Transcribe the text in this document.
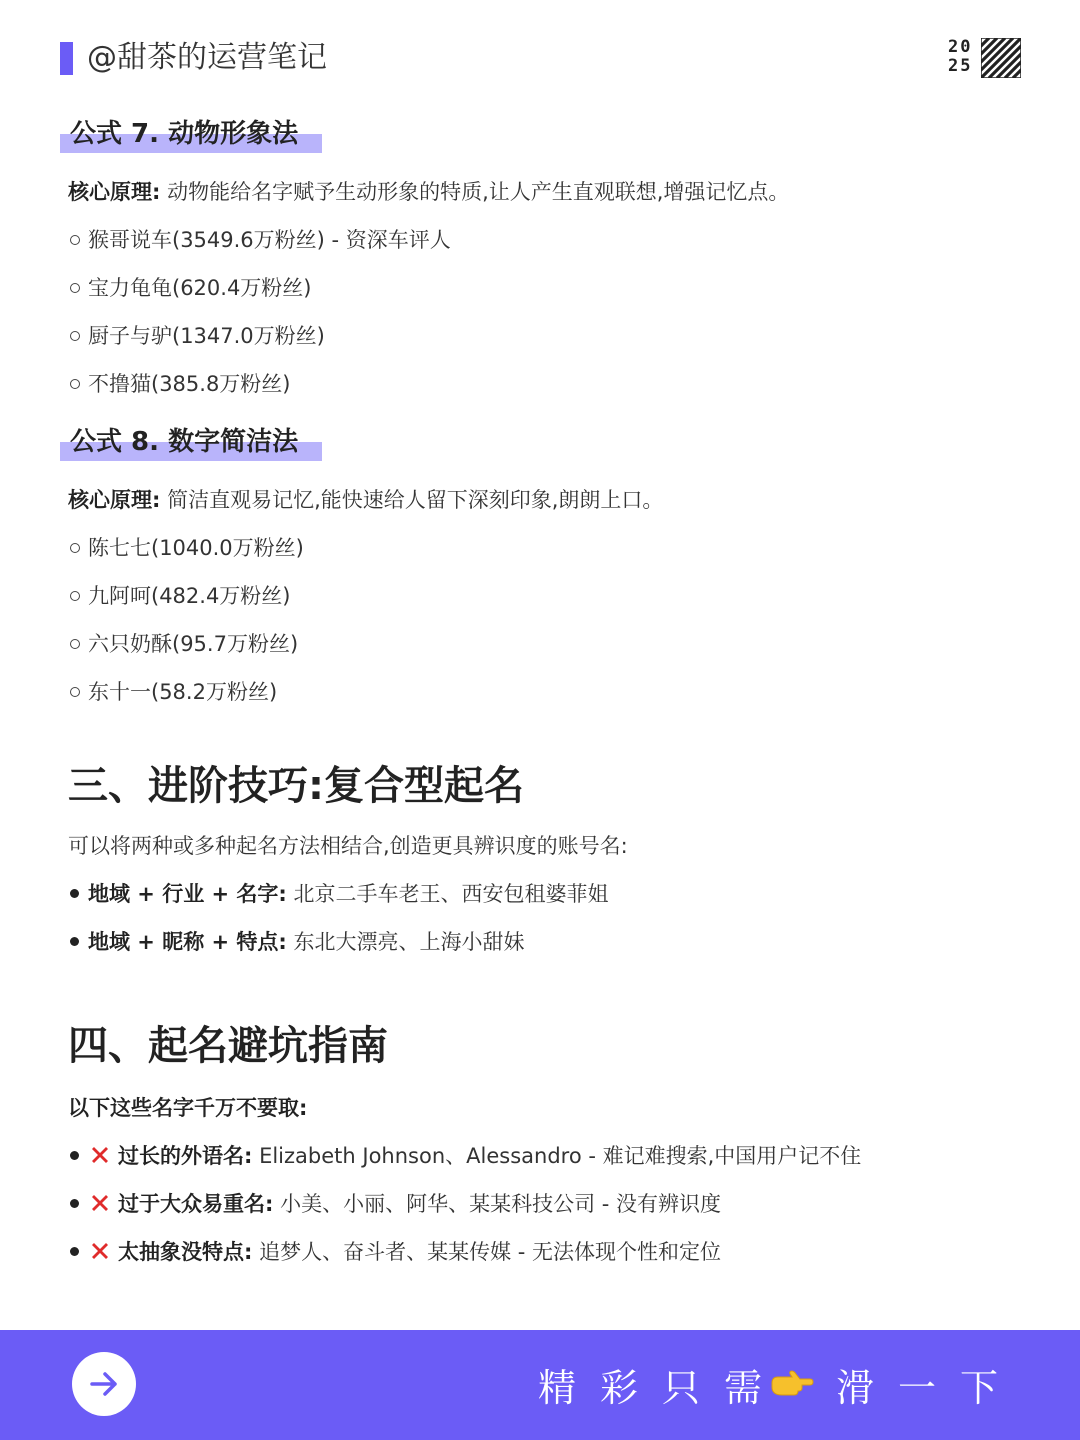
@甜茶的运营笔记	20
25
公式 7. 动物形象法
核心原理: 动物能给名字赋予生动形象的特质,让人产生直观联想,增强记忆点。
猴哥说车(3549.6万粉丝) - 资深车评人
宝力龟龟(620.4万粉丝)
厨子与驴(1347.0万粉丝)
不撸猫(385.8万粉丝)
公式 8. 数字简洁法
核心原理: 简洁直观易记忆,能快速给人留下深刻印象,朗朗上口。
陈七七(1040.0万粉丝)
九阿呵(482.4万粉丝)
六只奶酥(95.7万粉丝)
东十一(58.2万粉丝)
三、进阶技巧:复合型起名
可以将两种或多种起名方法相结合,创造更具辨识度的账号名:
地域 + 行业 + 名字: 北京二手车老王、西安包租婆菲姐
地域 + 昵称 + 特点: 东北大漂亮、上海小甜妹
四、起名避坑指南
以下这些名字千万不要取:
过长的外语名: Elizabeth Johnson、Alessandro - 难记难搜索,中国用户记不住
过于大众易重名: 小美、小丽、阿华、某某科技公司 - 没有辨识度
太抽象没特点: 追梦人、奋斗者、某某传媒 - 无法体现个性和定位
精 彩 只 需	滑 一 下
